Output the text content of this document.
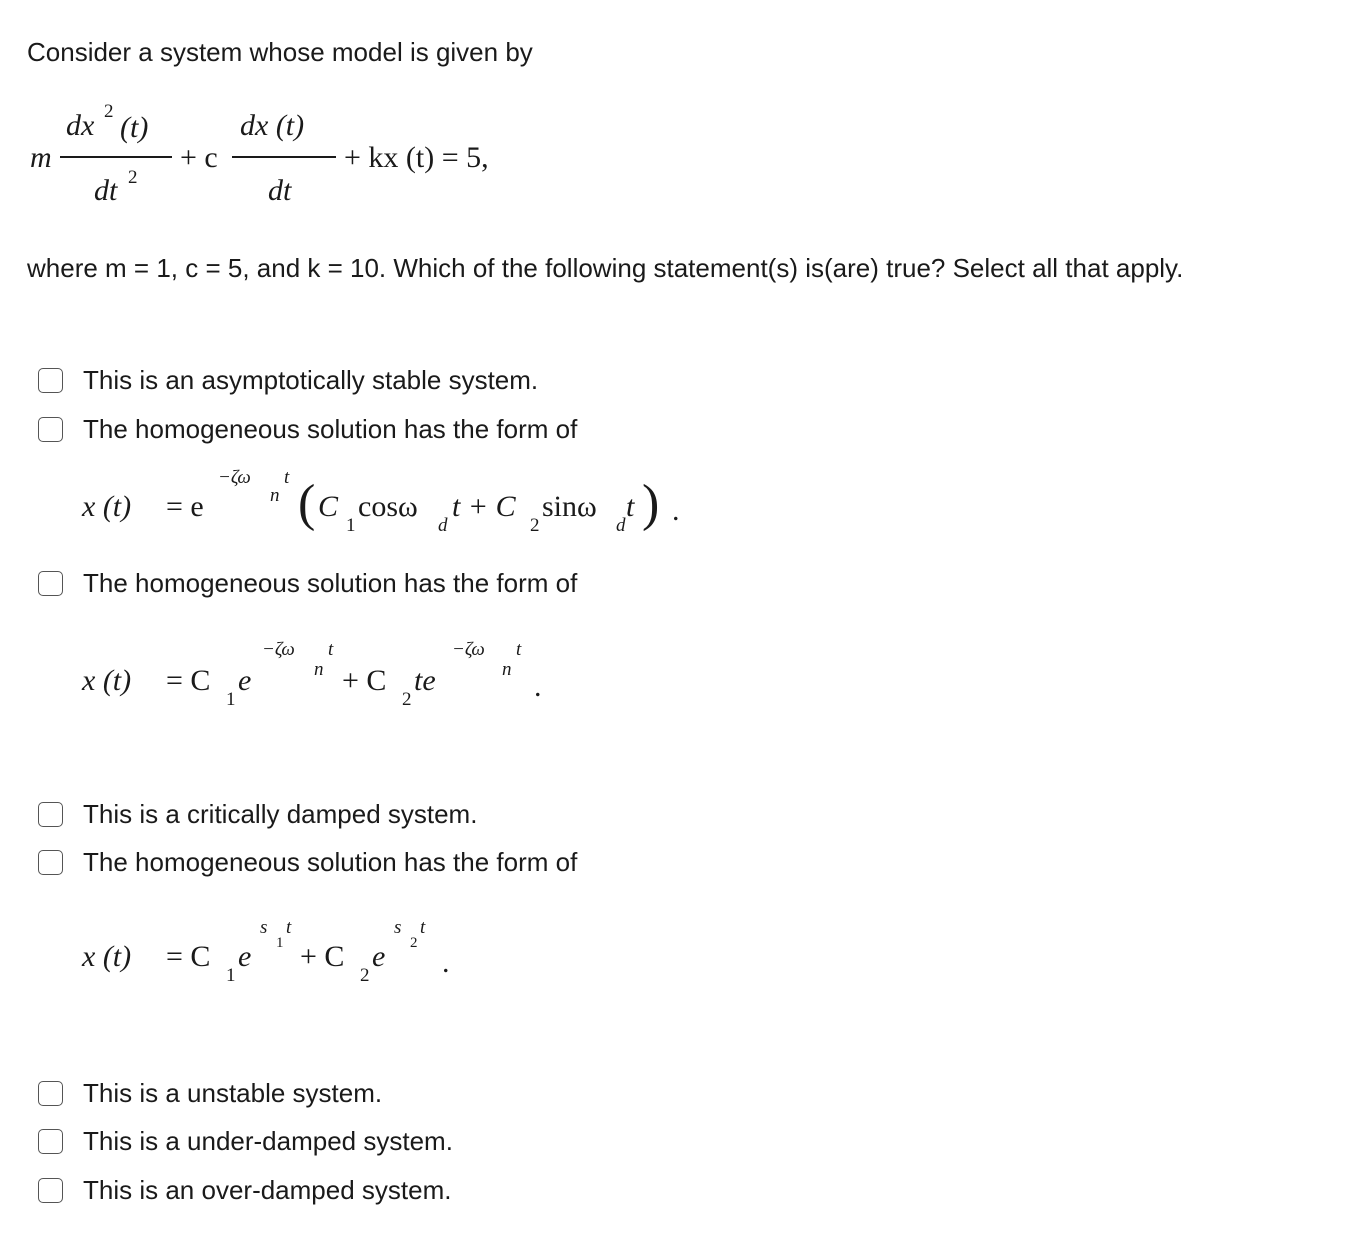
Consider a system whose model is given by
m
dx 2 (t)
dt 2
+ c
dx (t)
dt
+ kx (t) = 5,
where m = 1, c = 5, and k = 10. Which of the following statement(s) is(are) true? Select all that apply.
This is an asymptotically stable system.
The homogeneous solution has the form of
x (t) = e
−ζω t
n ( C
1
cosω
d
t + C
2
sinω
d
t ) .
The homogeneous solution has the form of
x (t) = C
1
e
−ζω t
n + C
2
te
−ζω t
n
.
This is a critically damped system.
The homogeneous solution has the form of
x (t) = C
1
e
s t
1 + C
2
e
s t
2
.
This is a unstable system.
This is a under-damped system.
This is an over-damped system.
